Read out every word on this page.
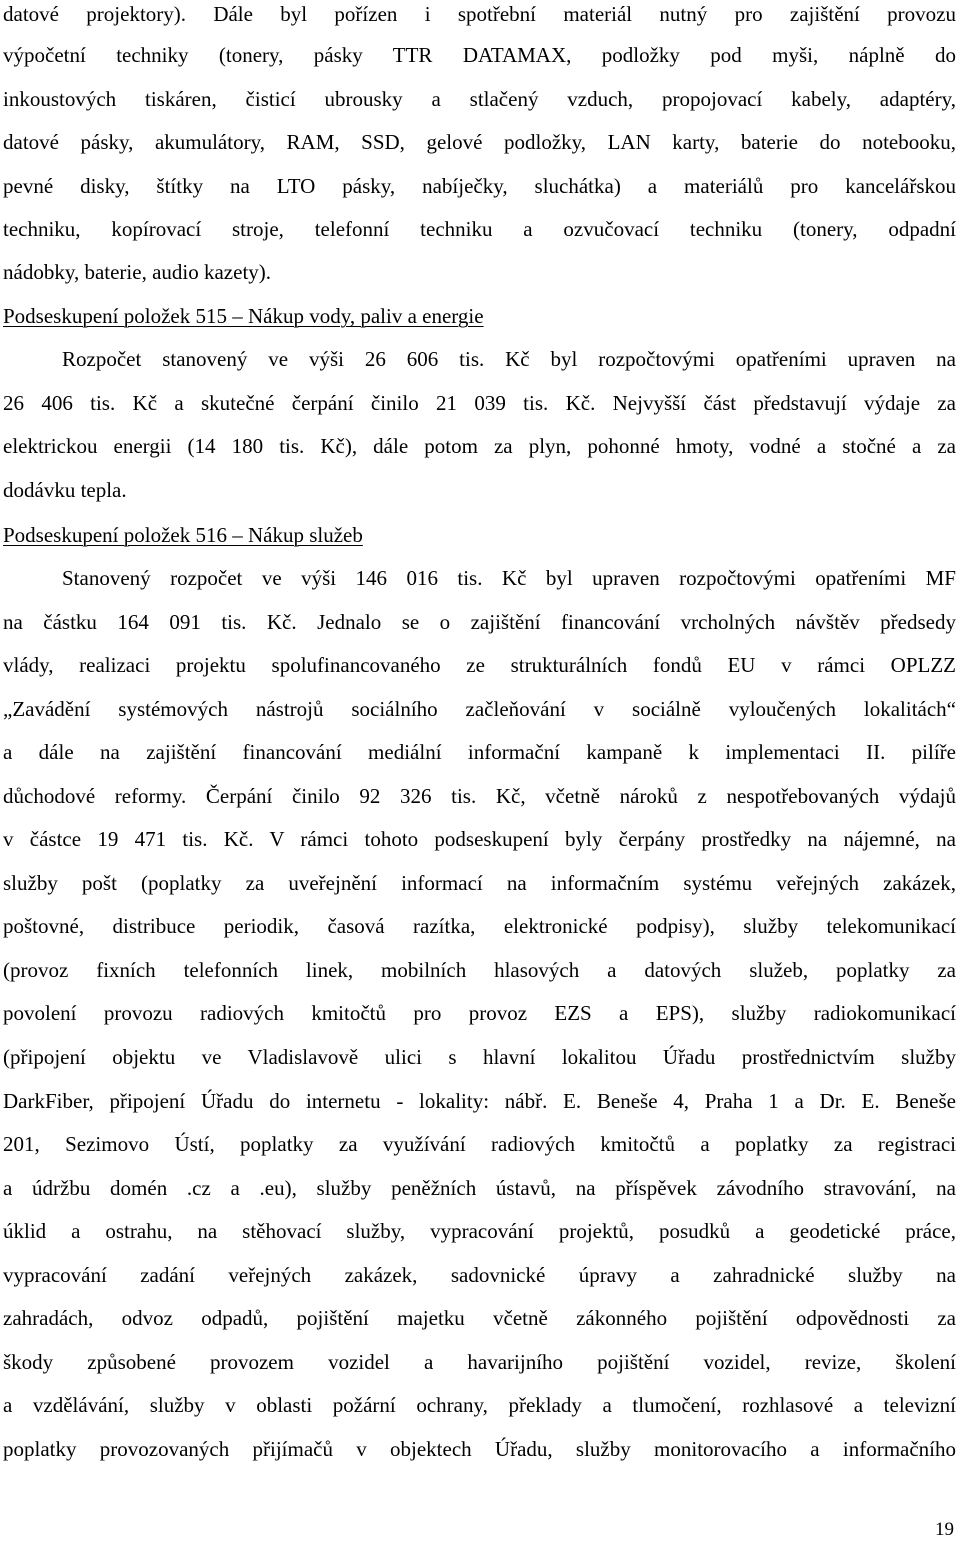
datové projektory). Dále byl pořízen i spotřební materiál nutný pro zajištění provozu
výpočetní techniky (tonery, pásky TTR DATAMAX, podložky pod myši, náplně do
inkoustových tiskáren, čisticí ubrousky a stlačený vzduch, propojovací kabely, adaptéry,
datové pásky, akumulátory, RAM, SSD, gelové podložky, LAN karty, baterie do notebooku,
pevné disky, štítky na LTO pásky, nabíječky, sluchátka) a materiálů pro kancelářskou
techniku, kopírovací stroje, telefonní techniku a ozvučovací techniku (tonery, odpadní
nádobky, baterie, audio kazety).
Podseskupení položek 515 – Nákup vody, paliv a energie
Rozpočet stanovený ve výši 26 606 tis. Kč byl rozpočtovými opatřeními upraven na
26 406 tis. Kč a skutečné čerpání činilo 21 039 tis. Kč. Nejvyšší část představují výdaje za
elektrickou energii (14 180 tis. Kč), dále potom za plyn, pohonné hmoty, vodné a stočné a za
dodávku tepla.
Podseskupení položek 516 – Nákup služeb
Stanovený rozpočet ve výši 146 016 tis. Kč byl upraven rozpočtovými opatřeními MF
na částku 164 091 tis. Kč. Jednalo se o zajištění financování vrcholných návštěv předsedy
vlády, realizaci projektu spolufinancovaného ze strukturálních fondů EU v rámci OPLZZ
„Zavádění systémových nástrojů sociálního začleňování v sociálně vyloučených lokalitách“
a dále na zajištění financování mediální informační kampaně k implementaci II. pilíře
důchodové reformy. Čerpání činilo 92 326 tis. Kč, včetně nároků z nespotřebovaných výdajů
v částce 19 471 tis. Kč. V rámci tohoto podseskupení byly čerpány prostředky na nájemné, na
služby pošt (poplatky za uveřejnění informací na informačním systému veřejných zakázek,
poštovné, distribuce periodik, časová razítka, elektronické podpisy), služby telekomunikací
(provoz fixních telefonních linek, mobilních hlasových a datových služeb, poplatky za
povolení provozu radiových kmitočtů pro provoz EZS a EPS), služby radiokomunikací
(připojení objektu ve Vladislavově ulici s hlavní lokalitou Úřadu prostřednictvím služby
DarkFiber, připojení Úřadu do internetu - lokality: nábř. E. Beneše 4, Praha 1 a Dr. E. Beneše
201, Sezimovo Ústí, poplatky za využívání radiových kmitočtů a poplatky za registraci
a údržbu domén .cz a .eu), služby peněžních ústavů, na příspěvek závodního stravování, na
úklid a ostrahu, na stěhovací služby, vypracování projektů, posudků a geodetické práce,
vypracování zadání veřejných zakázek, sadovnické úpravy a zahradnické služby na
zahradách, odvoz odpadů, pojištění majetku včetně zákonného pojištění odpovědnosti za
škody způsobené provozem vozidel a havarijního pojištění vozidel, revize, školení
a vzdělávání, služby v oblasti požární ochrany, překlady a tlumočení, rozhlasové a televizní
poplatky provozovaných přijímačů v objektech Úřadu, služby monitorovacího a informačního
19
